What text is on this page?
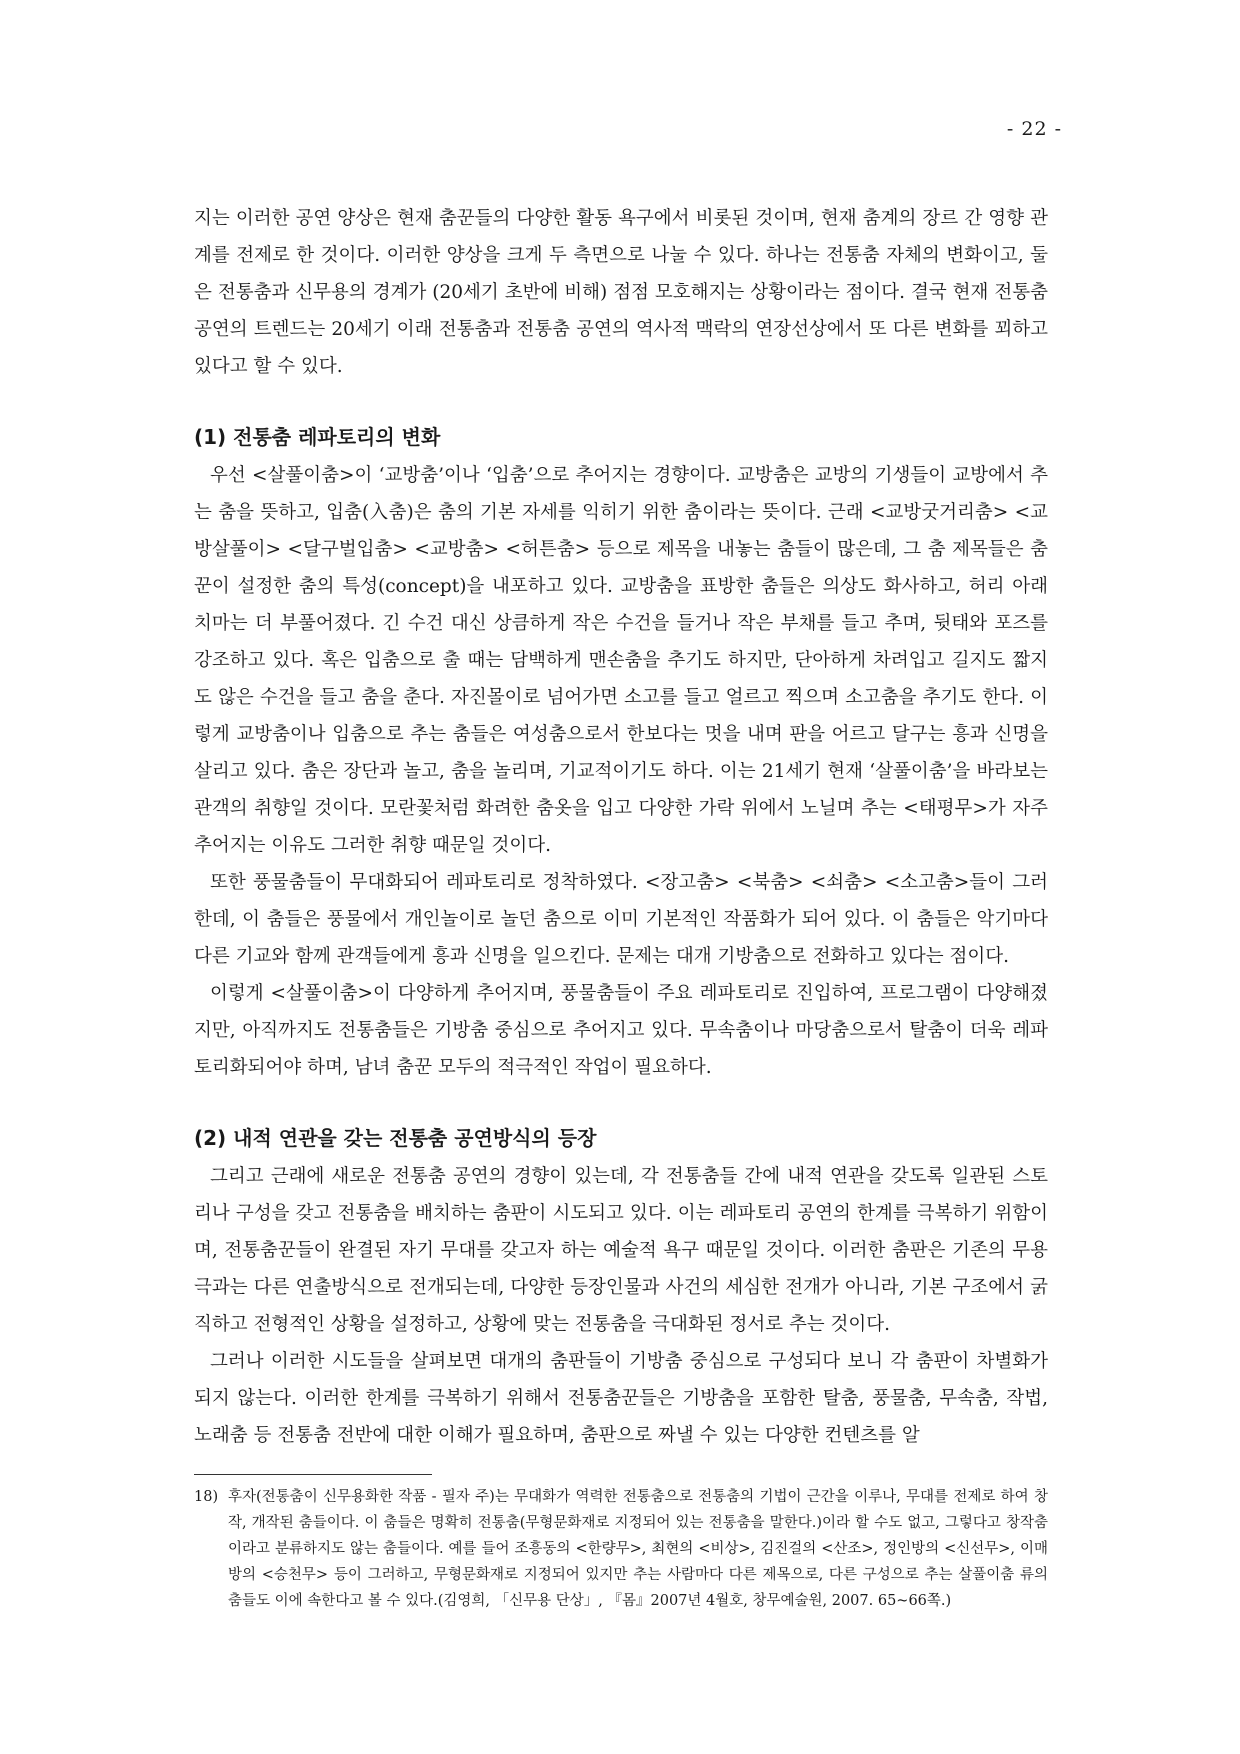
- 22 -

지는 이러한 공연 양상은 현재 춤꾼들의 다양한 활동 욕구에서 비롯된 것이며, 현재 춤계의 장르 간 영향 관계를 전제로 한 것이다. 이러한 양상을 크게 두 측면으로 나눌 수 있다. 하나는 전통춤 자체의 변화이고, 둘은 전통춤과 신무용의 경계가 (20세기 초반에 비해) 점점 모호해지는 상황이라는 점이다. 결국 현재 전통춤 공연의 트렌드는 20세기 이래 전통춤과 전통춤 공연의 역사적 맥락의 연장선상에서 또 다른 변화를 꾀하고 있다고 할 수 있다.

(1) 전통춤 레파토리의 변화

우선 <살풀이춤>이 ‘교방춤’이나 ‘입춤’으로 추어지는 경향이다. 교방춤은 교방의 기생들이 교방에서 추는 춤을 뜻하고, 입춤(入춤)은 춤의 기본 자세를 익히기 위한 춤이라는 뜻이다. 근래 <교방굿거리춤> <교방살풀이> <달구벌입춤> <교방춤> <허튼춤> 등으로 제목을 내놓는 춤들이 많은데, 그 춤 제목들은 춤꾼이 설정한 춤의 특성(concept)을 내포하고 있다. 교방춤을 표방한 춤들은 의상도 화사하고, 허리 아래 치마는 더 부풀어졌다. 긴 수건 대신 상큼하게 작은 수건을 들거나 작은 부채를 들고 추며, 뒷태와 포즈를 강조하고 있다. 혹은 입춤으로 출 때는 담백하게 맨손춤을 추기도 하지만, 단아하게 차려입고 길지도 짧지도 않은 수건을 들고 춤을 춘다. 자진몰이로 넘어가면 소고를 들고 얼르고 찍으며 소고춤을 추기도 한다. 이렇게 교방춤이나 입춤으로 추는 춤들은 여성춤으로서 한보다는 멋을 내며 판을 어르고 달구는 흥과 신명을 살리고 있다. 춤은 장단과 놀고, 춤을 놀리며, 기교적이기도 하다. 이는 21세기 현재 ‘살풀이춤’을 바라보는 관객의 취향일 것이다. 모란꽃처럼 화려한 춤옷을 입고 다양한 가락 위에서 노닐며 추는 <태평무>가 자주 추어지는 이유도 그러한 취향 때문일 것이다.

또한 풍물춤들이 무대화되어 레파토리로 정착하였다. <장고춤> <북춤> <쇠춤> <소고춤>들이 그러한데, 이 춤들은 풍물에서 개인놀이로 놀던 춤으로 이미 기본적인 작품화가 되어 있다. 이 춤들은 악기마다 다른 기교와 함께 관객들에게 흥과 신명을 일으킨다. 문제는 대개 기방춤으로 전화하고 있다는 점이다.

이렇게 <살풀이춤>이 다양하게 추어지며, 풍물춤들이 주요 레파토리로 진입하여, 프로그램이 다양해졌지만, 아직까지도 전통춤들은 기방춤 중심으로 추어지고 있다. 무속춤이나 마당춤으로서 탈춤이 더욱 레파토리화되어야 하며, 남녀 춤꾼 모두의 적극적인 작업이 필요하다.

(2) 내적 연관을 갖는 전통춤 공연방식의 등장

그리고 근래에 새로운 전통춤 공연의 경향이 있는데, 각 전통춤들 간에 내적 연관을 갖도록 일관된 스토리나 구성을 갖고 전통춤을 배치하는 춤판이 시도되고 있다. 이는 레파토리 공연의 한계를 극복하기 위함이며, 전통춤꾼들이 완결된 자기 무대를 갖고자 하는 예술적 욕구 때문일 것이다. 이러한 춤판은 기존의 무용극과는 다른 연출방식으로 전개되는데, 다양한 등장인물과 사건의 세심한 전개가 아니라, 기본 구조에서 굵직하고 전형적인 상황을 설정하고, 상황에 맞는 전통춤을 극대화된 정서로 추는 것이다.

그러나 이러한 시도들을 살펴보면 대개의 춤판들이 기방춤 중심으로 구성되다 보니 각 춤판이 차별화가 되지 않는다. 이러한 한계를 극복하기 위해서 전통춤꾼들은 기방춤을 포함한 탈춤, 풍물춤, 무속춤, 작법, 노래춤 등 전통춤 전반에 대한 이해가 필요하며, 춤판으로 짜낼 수 있는 다양한 컨텐츠를 알

18) 후자(전통춤이 신무용화한 작품 - 필자 주)는 무대화가 역력한 전통춤으로 전통춤의 기법이 근간을 이루나, 무대를 전제로 하여 창작, 개작된 춤들이다. 이 춤들은 명확히 전통춤(무형문화재로 지정되어 있는 전통춤을 말한다.)이라 할 수도 없고, 그렇다고 창작춤이라고 분류하지도 않는 춤들이다. 예를 들어 조흥동의 <한량무>, 최현의 <비상>, 김진걸의 <산조>, 정인방의 <신선무>, 이매방의 <승천무> 등이 그러하고, 무형문화재로 지정되어 있지만 추는 사람마다 다른 제목으로, 다른 구성으로 추는 살풀이춤 류의 춤들도 이에 속한다고 볼 수 있다.(김영희, 「신무용 단상」, 『몸』2007년 4월호, 창무예술원, 2007. 65~66쪽.)
